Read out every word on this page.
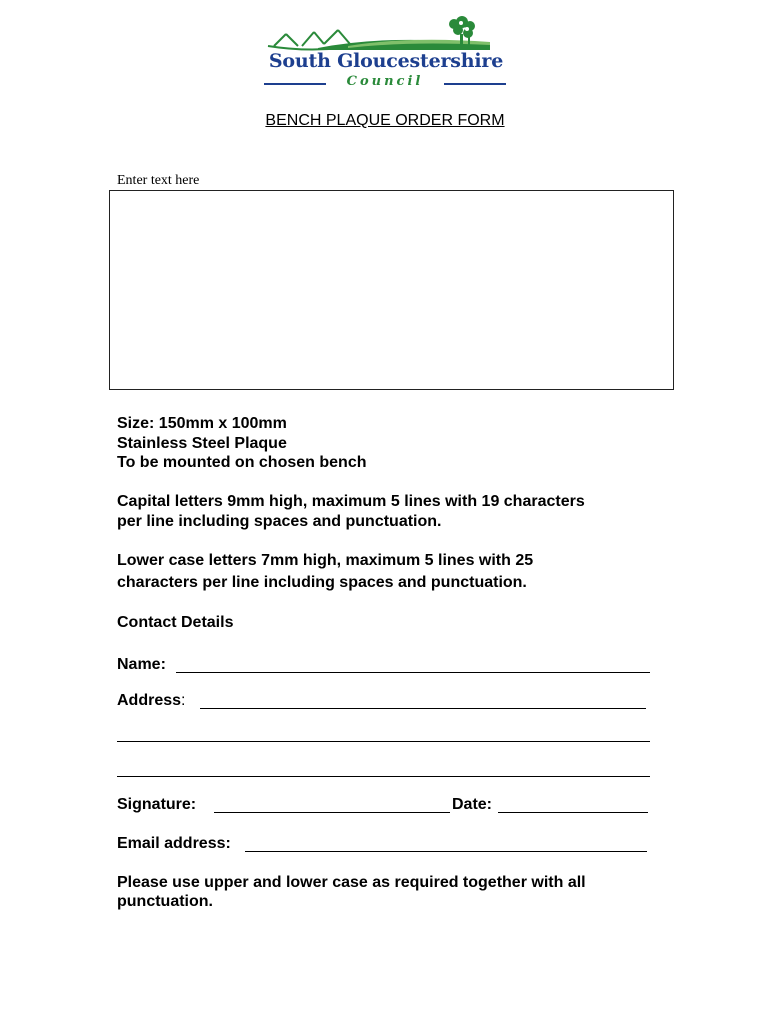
South Gloucestershire
Council
BENCH PLAQUE ORDER FORM
Enter text here
Size: 150mm x 100mm
Stainless Steel Plaque
To be mounted on chosen bench
Capital letters 9mm high, maximum 5 lines with 19 characters
per line including spaces and punctuation.
Lower case letters 7mm high, maximum 5 lines with 25
characters per line including spaces and punctuation.
Contact Details
Name:
Address:
Signature:	Date:
Email address:
Please use upper and lower case as required together with all
punctuation.
